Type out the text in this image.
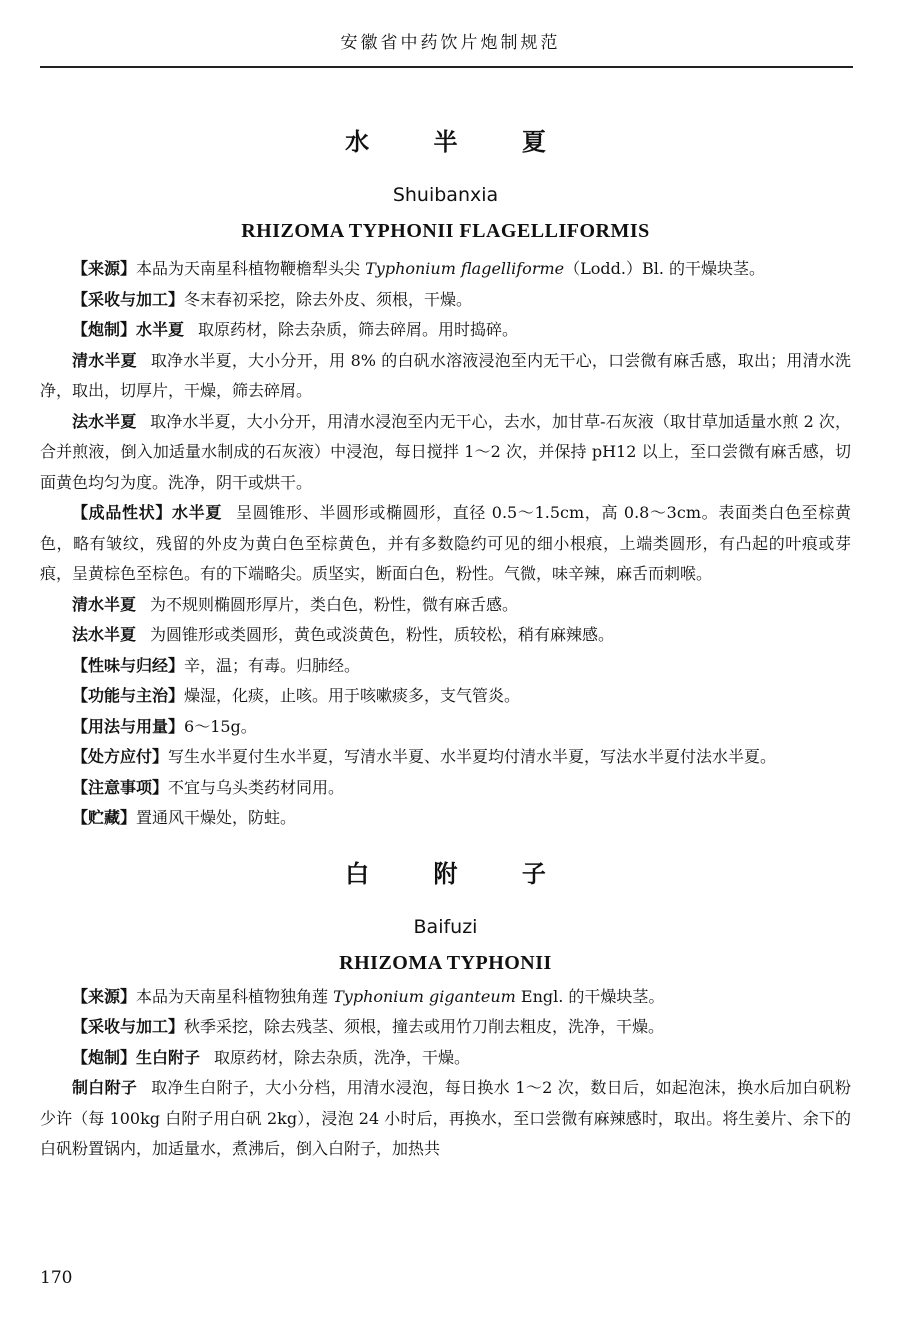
安徽省中药饮片炮制规范
水 半 夏
Shuibanxia
RHIZOMA TYPHONII FLAGELLIFORMIS

【来源】本品为天南星科植物鞭檐犁头尖 Typhonium flagelliforme（Lodd.）Bl. 的干燥块茎。

【采收与加工】冬末春初采挖，除去外皮、须根，干燥。

【炮制】水半夏 取原药材，除去杂质，筛去碎屑。用时捣碎。

清水半夏 取净水半夏，大小分开，用 8% 的白矾水溶液浸泡至内无干心，口尝微有麻舌感，取出；用清水洗净，取出，切厚片，干燥，筛去碎屑。

法水半夏 取净水半夏，大小分开，用清水浸泡至内无干心，去水，加甘草-石灰液（取甘草加适量水煎 2 次，合并煎液，倒入加适量水制成的石灰液）中浸泡，每日搅拌 1～2 次，并保持 pH12 以上，至口尝微有麻舌感，切面黄色均匀为度。洗净，阴干或烘干。

【成品性状】水半夏 呈圆锥形、半圆形或椭圆形，直径 0.5～1.5cm，高 0.8～3cm。表面类白色至棕黄色，略有皱纹，残留的外皮为黄白色至棕黄色，并有多数隐约可见的细小根痕，上端类圆形，有凸起的叶痕或芽痕，呈黄棕色至棕色。有的下端略尖。质坚实，断面白色，粉性。气微，味辛辣，麻舌而刺喉。

清水半夏 为不规则椭圆形厚片，类白色，粉性，微有麻舌感。

法水半夏 为圆锥形或类圆形，黄色或淡黄色，粉性，质较松，稍有麻辣感。

【性味与归经】辛，温；有毒。归肺经。

【功能与主治】燥湿，化痰，止咳。用于咳嗽痰多，支气管炎。

【用法与用量】6～15g。

【处方应付】写生水半夏付生水半夏，写清水半夏、水半夏均付清水半夏，写法水半夏付法水半夏。

【注意事项】不宜与乌头类药材同用。

【贮藏】置通风干燥处，防蛀。

白 附 子
Baifuzi
RHIZOMA TYPHONII

【来源】本品为天南星科植物独角莲 Typhonium giganteum Engl. 的干燥块茎。

【采收与加工】秋季采挖，除去残茎、须根，撞去或用竹刀削去粗皮，洗净，干燥。

【炮制】生白附子 取原药材，除去杂质，洗净，干燥。

制白附子 取净生白附子，大小分档，用清水浸泡，每日换水 1～2 次，数日后，如起泡沫，换水后加白矾粉少许（每 100kg 白附子用白矾 2kg），浸泡 24 小时后，再换水，至口尝微有麻辣感时，取出。将生姜片、余下的白矾粉置锅内，加适量水，煮沸后，倒入白附子，加热共

170
